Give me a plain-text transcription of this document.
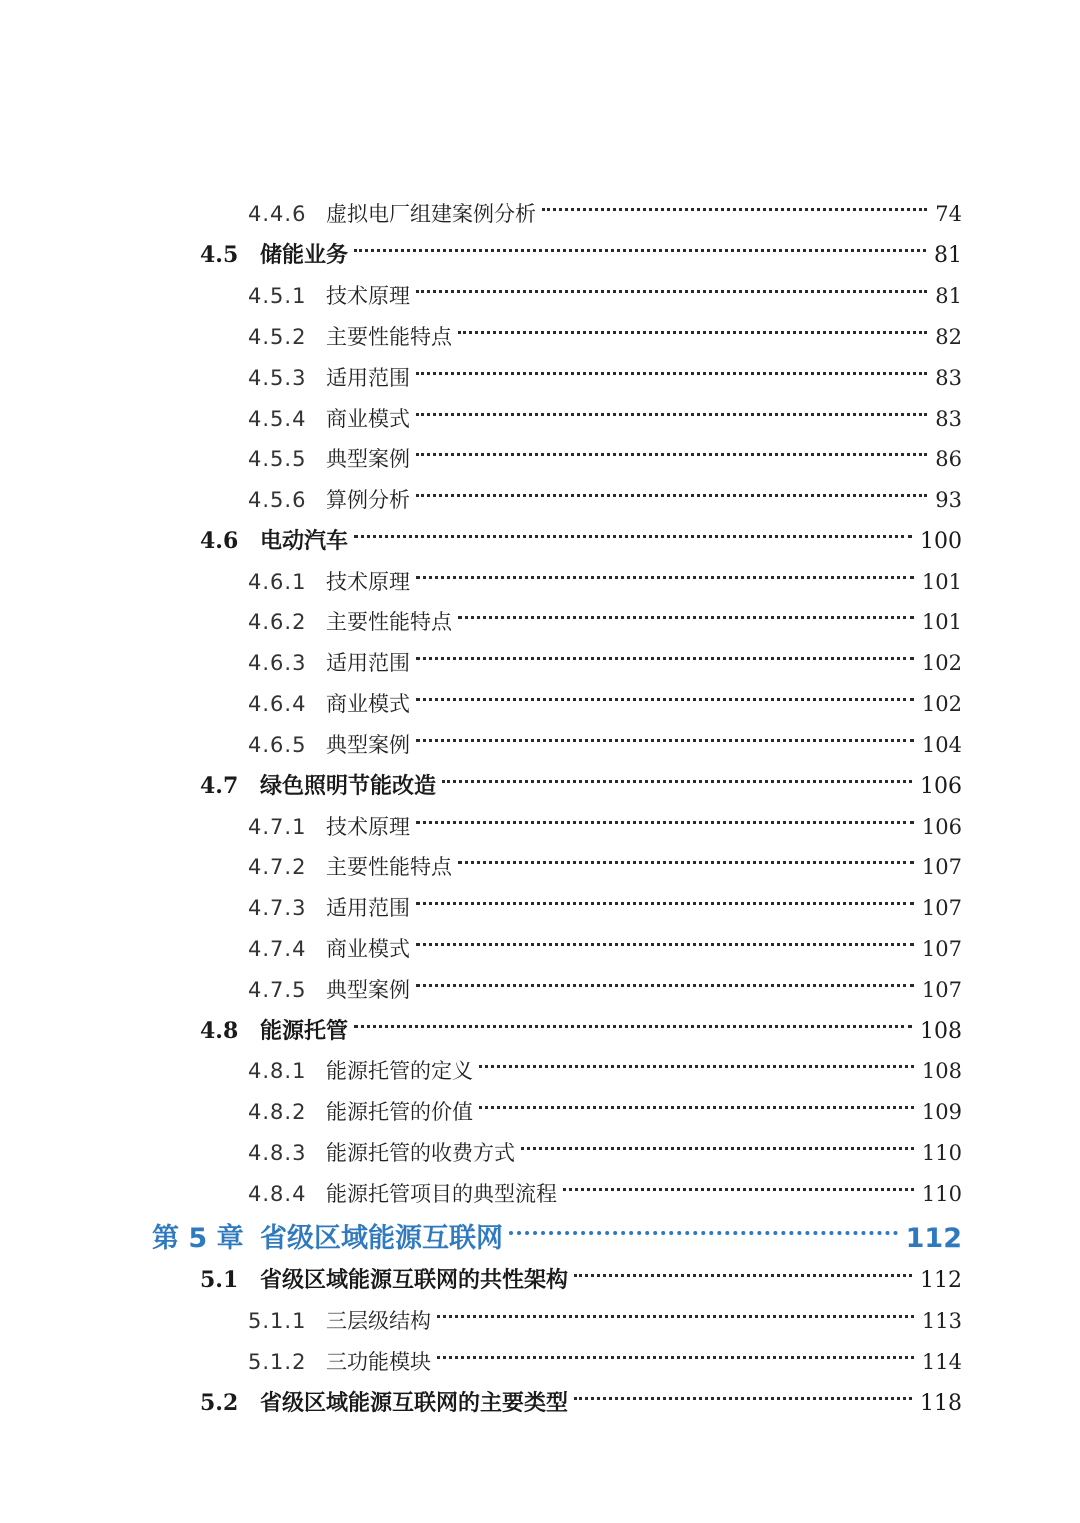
4.4.6 虚拟电厂组建案例分析	74
4.5 储能业务	81
4.5.1 技术原理	81
4.5.2 主要性能特点	82
4.5.3 适用范围	83
4.5.4 商业模式	83
4.5.5 典型案例	86
4.5.6 算例分析	93
4.6 电动汽车	100
4.6.1 技术原理	101
4.6.2 主要性能特点	101
4.6.3 适用范围	102
4.6.4 商业模式	102
4.6.5 典型案例	104
4.7 绿色照明节能改造	106
4.7.1 技术原理	106
4.7.2 主要性能特点	107
4.7.3 适用范围	107
4.7.4 商业模式	107
4.7.5 典型案例	107
4.8 能源托管	108
4.8.1 能源托管的定义	108
4.8.2 能源托管的价值	109
4.8.3 能源托管的收费方式	110
4.8.4 能源托管项目的典型流程	110
第 5 章 省级区域能源互联网	112
5.1 省级区域能源互联网的共性架构	112
5.1.1 三层级结构	113
5.1.2 三功能模块	114
5.2 省级区域能源互联网的主要类型	118
